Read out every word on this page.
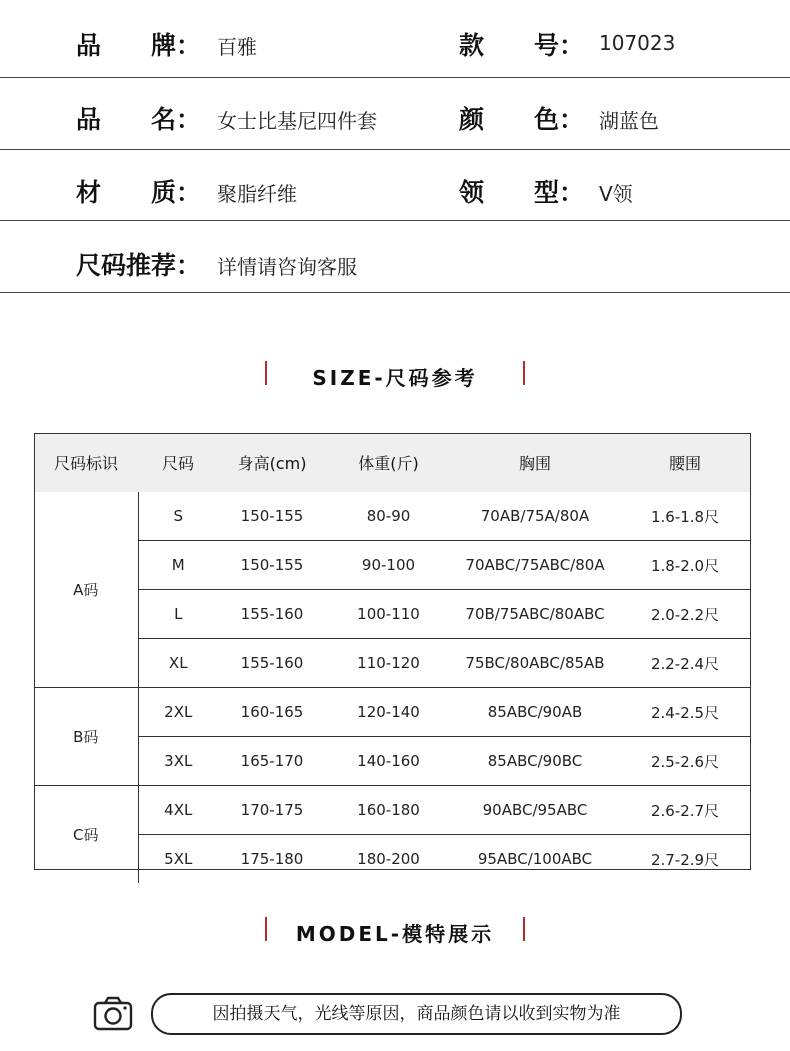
品　　牌： 百雅	款　　号： 107023
品　　名： 女士比基尼四件套	颜　　色： 湖蓝色
材　　质： 聚脂纤维	领　　型： V领
尺码推荐： 详情请咨询客服
SIZE-尺码参考
尺码标识	尺码	身高(cm)	体重(斤)	胸围	腰围
A码	S	150-155	80-90	70AB/75A/80A	1.6-1.8尺
	M	150-155	90-100	70ABC/75ABC/80A	1.8-2.0尺
	L	155-160	100-110	70B/75ABC/80ABC	2.0-2.2尺
	XL	155-160	110-120	75BC/80ABC/85AB	2.2-2.4尺
B码	2XL	160-165	120-140	85ABC/90AB	2.4-2.5尺
	3XL	165-170	140-160	85ABC/90BC	2.5-2.6尺
C码	4XL	170-175	160-180	90ABC/95ABC	2.6-2.7尺
	5XL	175-180	180-200	95ABC/100ABC	2.7-2.9尺
MODEL-模特展示
因拍摄天气，光线等原因，商品颜色请以收到实物为准
